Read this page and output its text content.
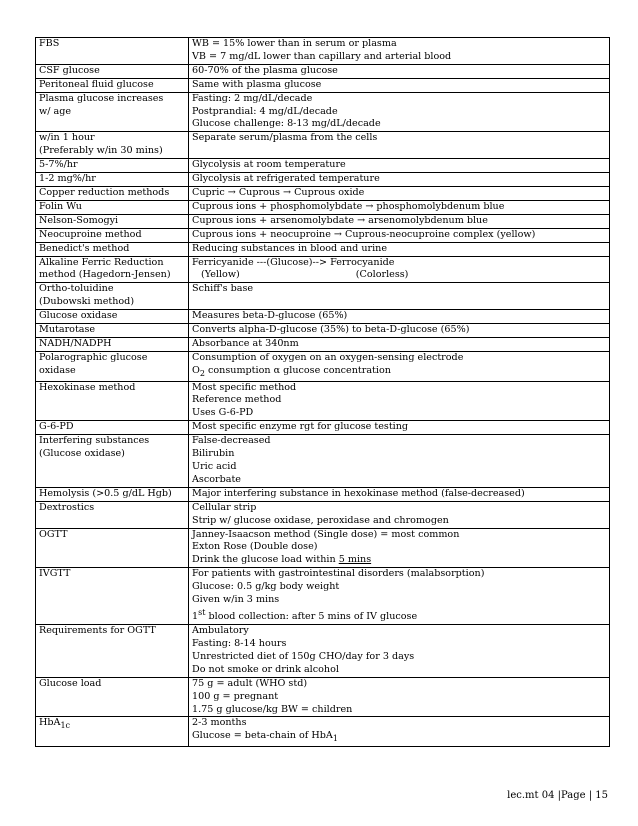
FBS	WB = 15% lower than in serum or plasma
VB = 7 mg/dL lower than capillary and arterial blood

CSF glucose	60-70% of the plasma glucose

Peritoneal fluid glucose	Same with plasma glucose

Plasma glucose increases
w/ age	Fasting: 2 mg/dL/decade
Postprandial: 4 mg/dL/decade
Glucose challenge: 8-13 mg/dL/decade

w/in 1 hour
(Preferably w/in 30 mins)	Separate serum/plasma from the cells

5-7%/hr	Glycolysis at room temperature

1-2 mg%/hr	Glycolysis at refrigerated temperature

Copper reduction methods	Cupric → Cuprous → Cuprous oxide

Folin Wu	Cuprous ions + phosphomolybdate → phosphomolybdenum blue

Nelson-Somogyi	Cuprous ions + arsenomolybdate → arsenomolybdenum blue

Neocuproine method	Cuprous ions + neocuproine → Cuprous-neocuproine complex (yellow)

Benedict's method	Reducing substances in blood and urine

Alkaline Ferric Reduction
method (Hagedorn-Jensen)	Ferricyanide ---(Glucose)--> Ferrocyanide
(Yellow) (Colorless)

Ortho-toluidine
(Dubowski method)	Schiff's base

Glucose oxidase	Measures beta-D-glucose (65%)

Mutarotase	Converts alpha-D-glucose (35%) to beta-D-glucose (65%)

NADH/NADPH	Absorbance at 340nm

Polarographic glucose
oxidase	Consumption of oxygen on an oxygen-sensing electrode
$O_2$ consumption α glucose concentration

Hexokinase method	Most specific method
Reference method
Uses G-6-PD

G-6-PD	Most specific enzyme rgt for glucose testing

Interfering substances
(Glucose oxidase)	False-decreased
Bilirubin
Uric acid
Ascorbate

Hemolysis (>0.5 g/dL Hgb)	Major interfering substance in hexokinase method (false-decreased)

Dextrostics	Cellular strip
Strip w/ glucose oxidase, peroxidase and chromogen

OGTT	Janney-Isaacson method (Single dose) = most common
Exton Rose (Double dose)
Drink the glucose load within 5 mins

IVGTT	For patients with gastrointestinal disorders (malabsorption)
Glucose: 0.5 g/kg body weight
Given w/in 3 mins
1st blood collection: after 5 mins of IV glucose

Requirements for OGTT	Ambulatory
Fasting: 8-14 hours
Unrestricted diet of 150g CHO/day for 3 days
Do not smoke or drink alcohol

Glucose load	75 g = adult (WHO std)
100 g = pregnant
1.75 g glucose/kg BW = children

HbA$_{1c}$	2-3 months
Glucose = beta-chain of HbA$_1$
lec.mt 04 |Page | 15
